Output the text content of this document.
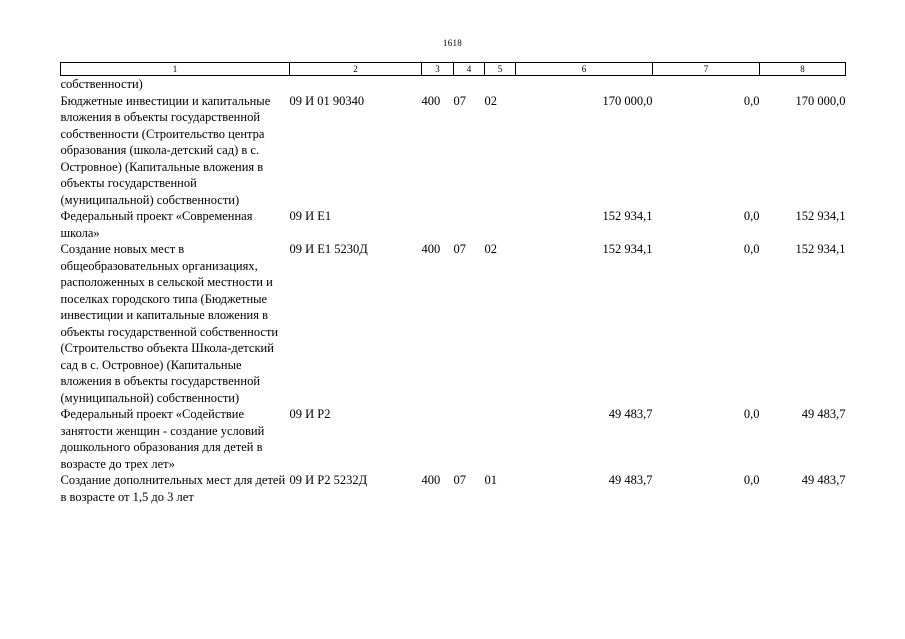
1618
1	2	3	4	5	6	7	8
собственности)							
Бюджетные инвестиции и капитальные вложения в объекты государственной собственности (Строительство центра образования (школа-детский сад) в с. Островное) (Капитальные вложения в объекты государственной (муниципальной) собственности)	09 И 01 90340	400	07	02	170 000,0	0,0	170 000,0
Федеральный проект «Современная школа»	09 И Е1				152 934,1	0,0	152 934,1
Создание новых мест в общеобразовательных организациях, расположенных в сельской местности и поселках городского типа (Бюджетные инвестиции и капитальные вложения в объекты государственной собственности (Строительство объекта Школа-детский сад в с. Островное) (Капитальные вложения в объекты государственной (муниципальной) собственности)	09 И Е1 5230Д	400	07	02	152 934,1	0,0	152 934,1
Федеральный проект «Содействие занятости женщин - создание условий дошкольного образования для детей в возрасте до трех лет»	09 И Р2				49 483,7	0,0	49 483,7
Создание дополнительных мест для детей в возрасте от 1,5 до 3 лет	09 И Р2 5232Д	400	07	01	49 483,7	0,0	49 483,7
